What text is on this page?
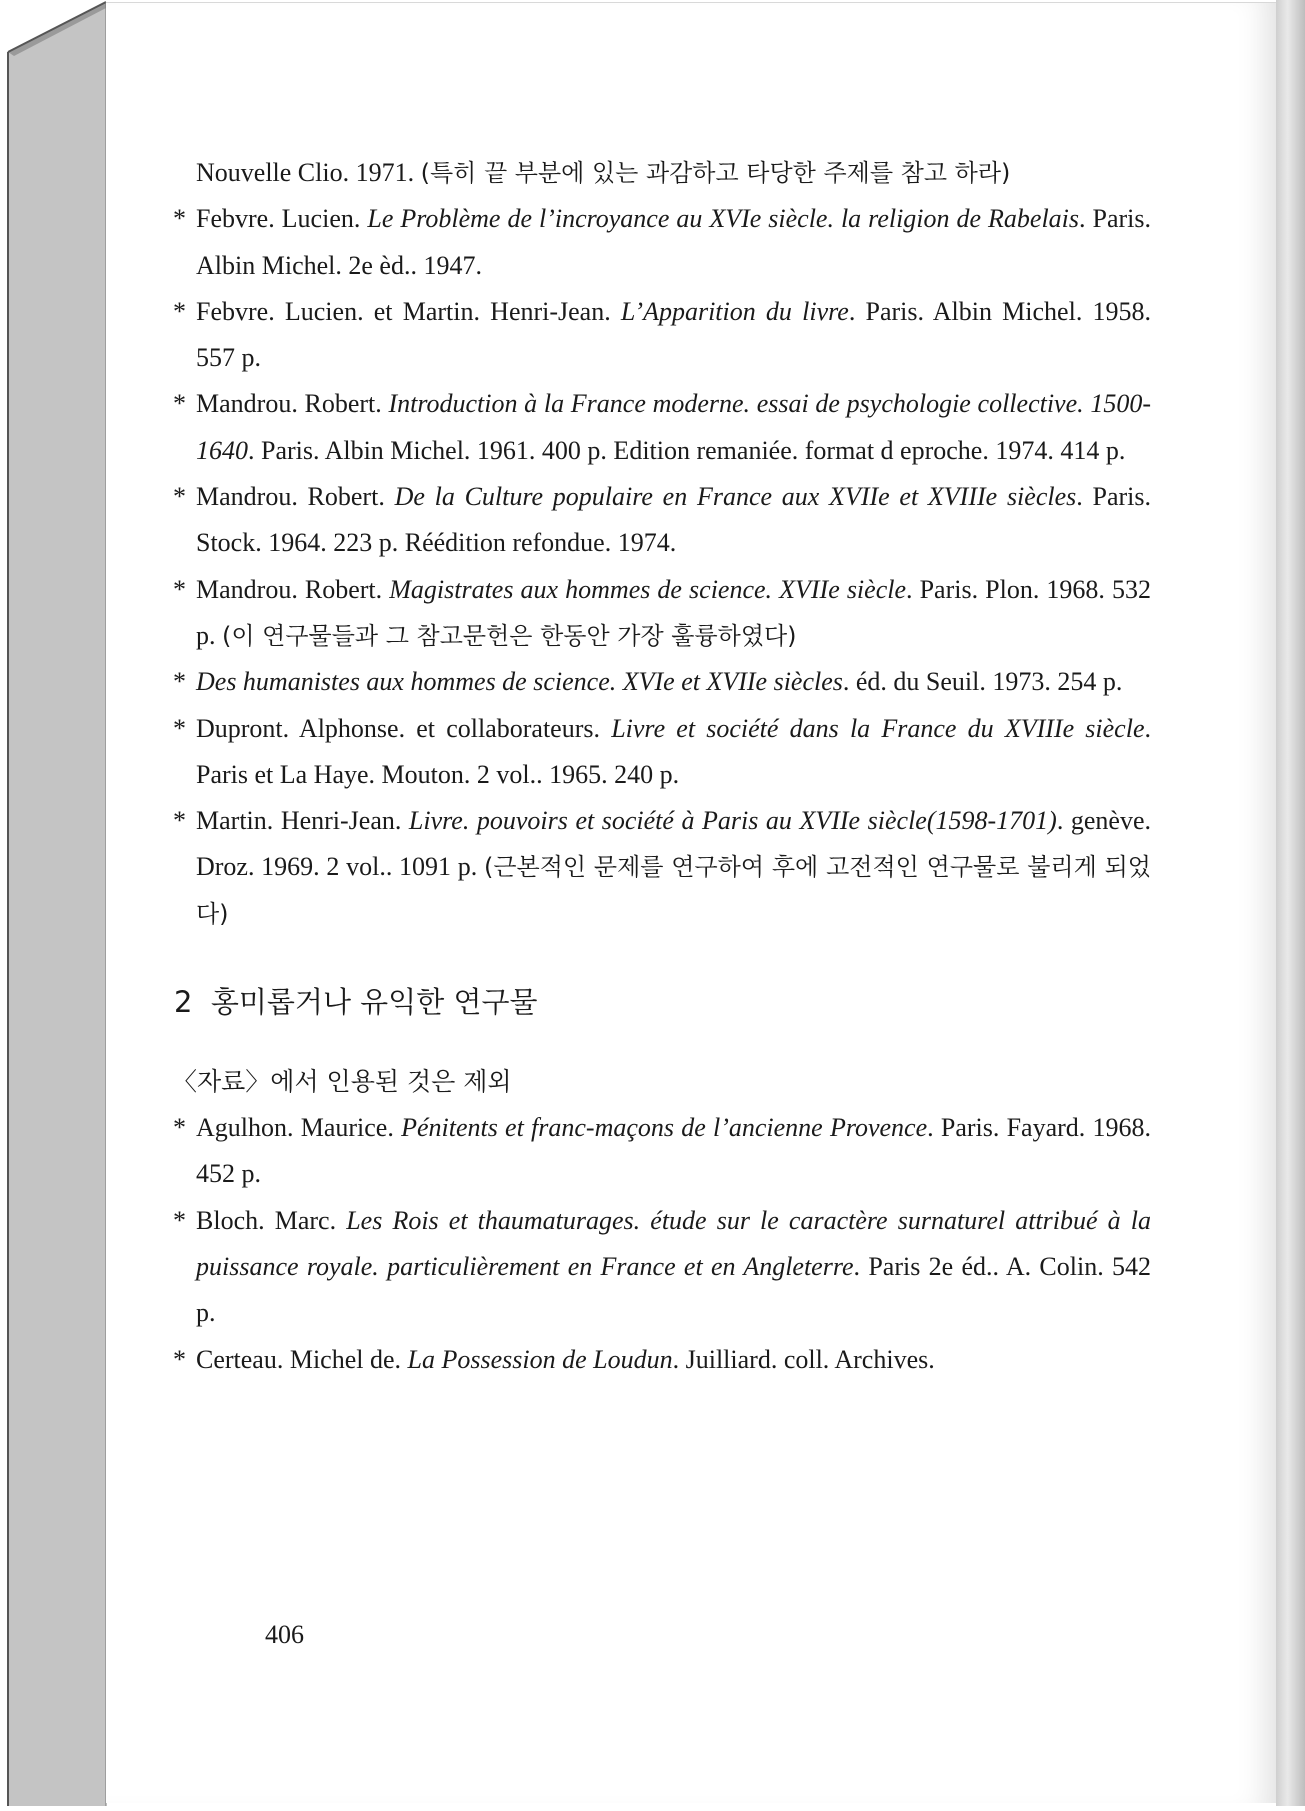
Nouvelle Clio. 1971. (특히 끝 부분에 있는 과감하고 타당한 주제를 참고 하라)
* Febvre. Lucien. Le Problème de l’incroyance au XVIe siècle. la religion de Rabelais. Paris. Albin Michel. 2e èd.. 1947.
* Febvre. Lucien. et Martin. Henri-Jean. L’Apparition du livre. Paris. Albin Michel. 1958. 557 p.
* Mandrou. Robert. Introduction à la France moderne. essai de psychologie collective. 1500-1640. Paris. Albin Michel. 1961. 400 p. Edition remaniée. format d eproche. 1974. 414 p.
* Mandrou. Robert. De la Culture populaire en France aux XVIIe et XVIIIe siècles. Paris. Stock. 1964. 223 p. Réédition refondue. 1974.
* Mandrou. Robert. Magistrates aux hommes de science. XVIIe siècle. Paris. Plon. 1968. 532 p. (이 연구물들과 그 참고문헌은 한동안 가장 훌륭하였다)
* Des humanistes aux hommes de science. XVIe et XVIIe siècles. éd. du Seuil. 1973. 254 p.
* Dupront. Alphonse. et collaborateurs. Livre et société dans la France du XVIIIe siècle. Paris et La Haye. Mouton. 2 vol.. 1965. 240 p.
* Martin. Henri-Jean. Livre. pouvoirs et société à Paris au XVIIe siècle(1598-1701). genève. Droz. 1969. 2 vol.. 1091 p. (근본적인 문제를 연구하여 후에 고전적인 연구물로 불리게 되었다)
2 홍미롭거나 유익한 연구물
〈자료〉에서 인용된 것은 제외
* Agulhon. Maurice. Pénitents et franc-maçons de l’ancienne Provence. Paris. Fayard. 1968. 452 p.
* Bloch. Marc. Les Rois et thaumaturages. étude sur le caractère surnaturel attribué à la puissance royale. particulièrement en France et en Angleterre. Paris 2e éd.. A. Colin. 542 p.
* Certeau. Michel de. La Possession de Loudun. Juilliard. coll. Archives.
406
